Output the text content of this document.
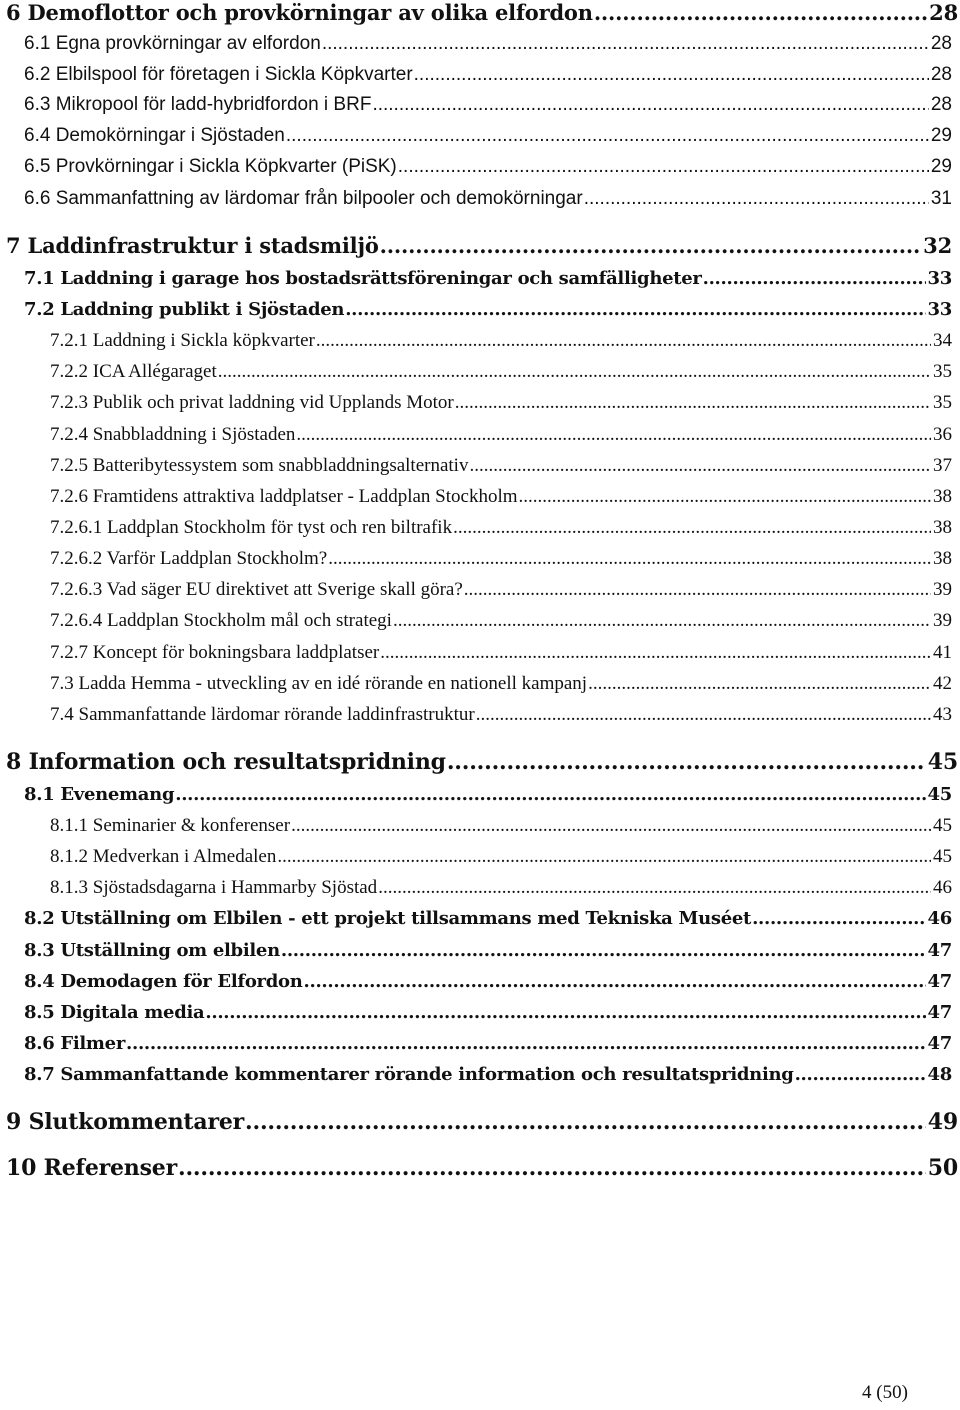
6 Demoflottor och provkörningar av olika elfordon .....	28
6.1 Egna provkörningar av elfordon .....	28
6.2 Elbilspool för företagen i Sickla Köpkvarter .....	28
6.3 Mikropool för ladd-hybridfordon i BRF .....	28
6.4 Demokörningar i Sjöstaden .....	29
6.5 Provkörningar i Sickla Köpkvarter (PiSK) .....	29
6.6 Sammanfattning av lärdomar från bilpooler och demokörningar .....	31
7 Laddinfrastruktur i stadsmiljö .....	32
7.1 Laddning i garage hos bostadsrättsföreningar och samfälligheter .....	33
7.2 Laddning publikt i Sjöstaden .....	33
7.2.1 Laddning i Sickla köpkvarter .....	34
7.2.2 ICA Allégaraget .....	35
7.2.3 Publik och privat laddning vid Upplands Motor .....	35
7.2.4 Snabbladdning i Sjöstaden .....	36
7.2.5 Batteribytessystem som snabbladdningsalternativ .....	37
7.2.6 Framtidens attraktiva laddplatser - Laddplan Stockholm .....	38
7.2.6.1 Laddplan Stockholm för tyst och ren biltrafik .....	38
7.2.6.2 Varför Laddplan Stockholm? .....	38
7.2.6.3 Vad säger EU direktivet att Sverige skall göra? .....	39
7.2.6.4 Laddplan Stockholm mål och strategi .....	39
7.2.7 Koncept för bokningsbara laddplatser .....	41
7.3 Ladda Hemma - utveckling av en idé rörande en nationell kampanj .....	42
7.4 Sammanfattande lärdomar rörande laddinfrastruktur .....	43
8 Information och resultatspridning .....	45
8.1 Evenemang .....	45
8.1.1 Seminarier & konferenser .....	45
8.1.2 Medverkan i Almedalen .....	45
8.1.3 Sjöstadsdagarna i Hammarby Sjöstad .....	46
8.2 Utställning om Elbilen - ett projekt tillsammans med Tekniska Muséet .....	46
8.3 Utställning om elbilen .....	47
8.4 Demodagen för Elfordon .....	47
8.5 Digitala media .....	47
8.6 Filmer .....	47
8.7 Sammanfattande kommentarer rörande information och resultatspridning .....	48
9 Slutkommentarer .....	49
10 Referenser .....	50
4 (50)
